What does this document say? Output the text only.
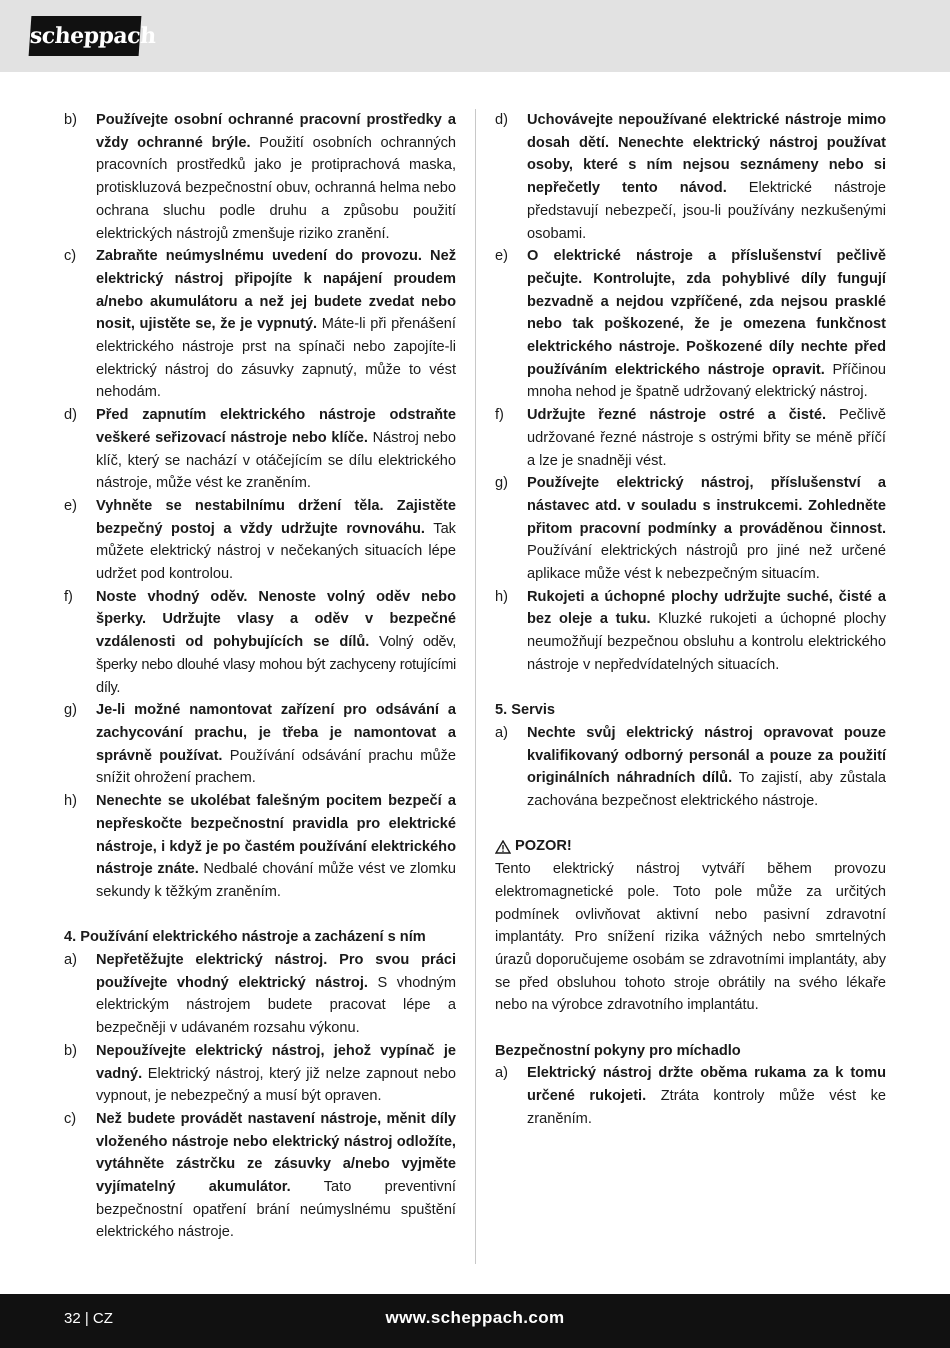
scheppach
b)	Používejte osobní ochranné pracovní prostředky a vždy ochranné brýle. Použití osobních ochranných pracovních prostředků jako je protiprachová maska, protiskluzová bezpečnostní obuv, ochranná helma nebo ochrana sluchu podle druhu a způsobu použití elektrických nástrojů zmenšuje riziko zranění.
c)	Zabraňte neúmyslnému uvedení do provozu. Než elektrický nástroj připojíte k napájení proudem a/nebo akumulátoru a než jej budete zvedat nebo nosit, ujistěte se, že je vypnutý. Máte-li při přenášení elektrického nástroje prst na spínači nebo zapojíte-li elektrický nástroj do zásuvky zapnutý, může to vést nehodám.
d)	Před zapnutím elektrického nástroje odstraňte veškeré seřizovací nástroje nebo klíče. Nástroj nebo klíč, který se nachází v otáčejícím se dílu elektrického nástroje, může vést ke zraněním.
e)	Vyhněte se nestabilnímu držení těla. Zajistěte bezpečný postoj a vždy udržujte rovnováhu. Tak můžete elektrický nástroj v nečekaných situacích lépe udržet pod kontrolou.
f)	Noste vhodný oděv. Nenoste volný oděv nebo šperky. Udržujte vlasy a oděv v bezpečné vzdálenosti od pohybujících se dílů. Volný oděv, šperky nebo dlouhé vlasy mohou být zachyceny rotujícími díly.
g)	Je-li možné namontovat zařízení pro odsávání a zachycování prachu, je třeba je namontovat a správně používat. Používání odsávání prachu může snížit ohrožení prachem.
h)	Nenechte se ukolébat falešným pocitem bezpečí a nepřeskočte bezpečnostní pravidla pro elektrické nástroje, i když je po častém používání elektrického nástroje znáte. Nedbalé chování může vést ve zlomku sekundy k těžkým zraněním.
4. Používání elektrického nástroje a zacházení s ním
a)	Nepřetěžujte elektrický nástroj. Pro svou práci používejte vhodný elektrický nástroj. S vhodným elektrickým nástrojem budete pracovat lépe a bezpečněji v udávaném rozsahu výkonu.
b)	Nepoužívejte elektrický nástroj, jehož vypínač je vadný. Elektrický nástroj, který již nelze zapnout nebo vypnout, je nebezpečný a musí být opraven.
c)	Než budete provádět nastavení nástroje, měnit díly vloženého nástroje nebo elektrický nástroj odložíte, vytáhněte zástrčku ze zásuvky a/nebo vyjměte vyjímatelný akumulátor. Tato preventivní bezpečnostní opatření brání neúmyslnému spuštění elektrického nástroje.
d)	Uchovávejte nepoužívané elektrické nástroje mimo dosah dětí. Nenechte elektrický nástroj používat osoby, které s ním nejsou seznámeny nebo si nepřečetly tento návod. Elektrické nástroje představují nebezpečí, jsou-li používány nezkušenými osobami.
e)	O elektrické nástroje a příslušenství pečlivě pečujte. Kontrolujte, zda pohyblivé díly fungují bezvadně a nejdou vzpříčené, zda nejsou prasklé nebo tak poškozené, že je omezena funkčnost elektrického nástroje. Poškozené díly nechte před používáním elektrického nástroje opravit. Příčinou mnoha nehod je špatně udržovaný elektrický nástroj.
f)	Udržujte řezné nástroje ostré a čisté. Pečlivě udržované řezné nástroje s ostrými břity se méně příčí a lze je snadněji vést.
g)	Používejte elektrický nástroj, příslušenství a nástavec atd. v souladu s instrukcemi. Zohledněte přitom pracovní podmínky a prováděnou činnost. Používání elektrických nástrojů pro jiné než určené aplikace může vést k nebezpečným situacím.
h)	Rukojeti a úchopné plochy udržujte suché, čisté a bez oleje a tuku. Kluzké rukojeti a úchopné plochy neumožňují bezpečnou obsluhu a kontrolu elektrického nástroje v nepředvídatelných situacích.
5. Servis
a)	Nechte svůj elektrický nástroj opravovat pouze kvalifikovaný odborný personál a pouze za použití originálních náhradních dílů. To zajistí, aby zůstala zachována bezpečnost elektrického nástroje.
POZOR!
Tento elektrický nástroj vytváří během provozu elektromagnetické pole. Toto pole může za určitých podmínek ovlivňovat aktivní nebo pasivní zdravotní implantáty. Pro snížení rizika vážných nebo smrtelných úrazů doporučujeme osobám se zdravotními implantáty, aby se před obsluhou tohoto stroje obrátily na svého lékaře nebo na výrobce zdravotního implantátu.
Bezpečnostní pokyny pro míchadlo
a)	Elektrický nástroj držte oběma rukama za k tomu určené rukojeti. Ztráta kontroly může vést ke zraněním.
32 | CZ	www.scheppach.com
